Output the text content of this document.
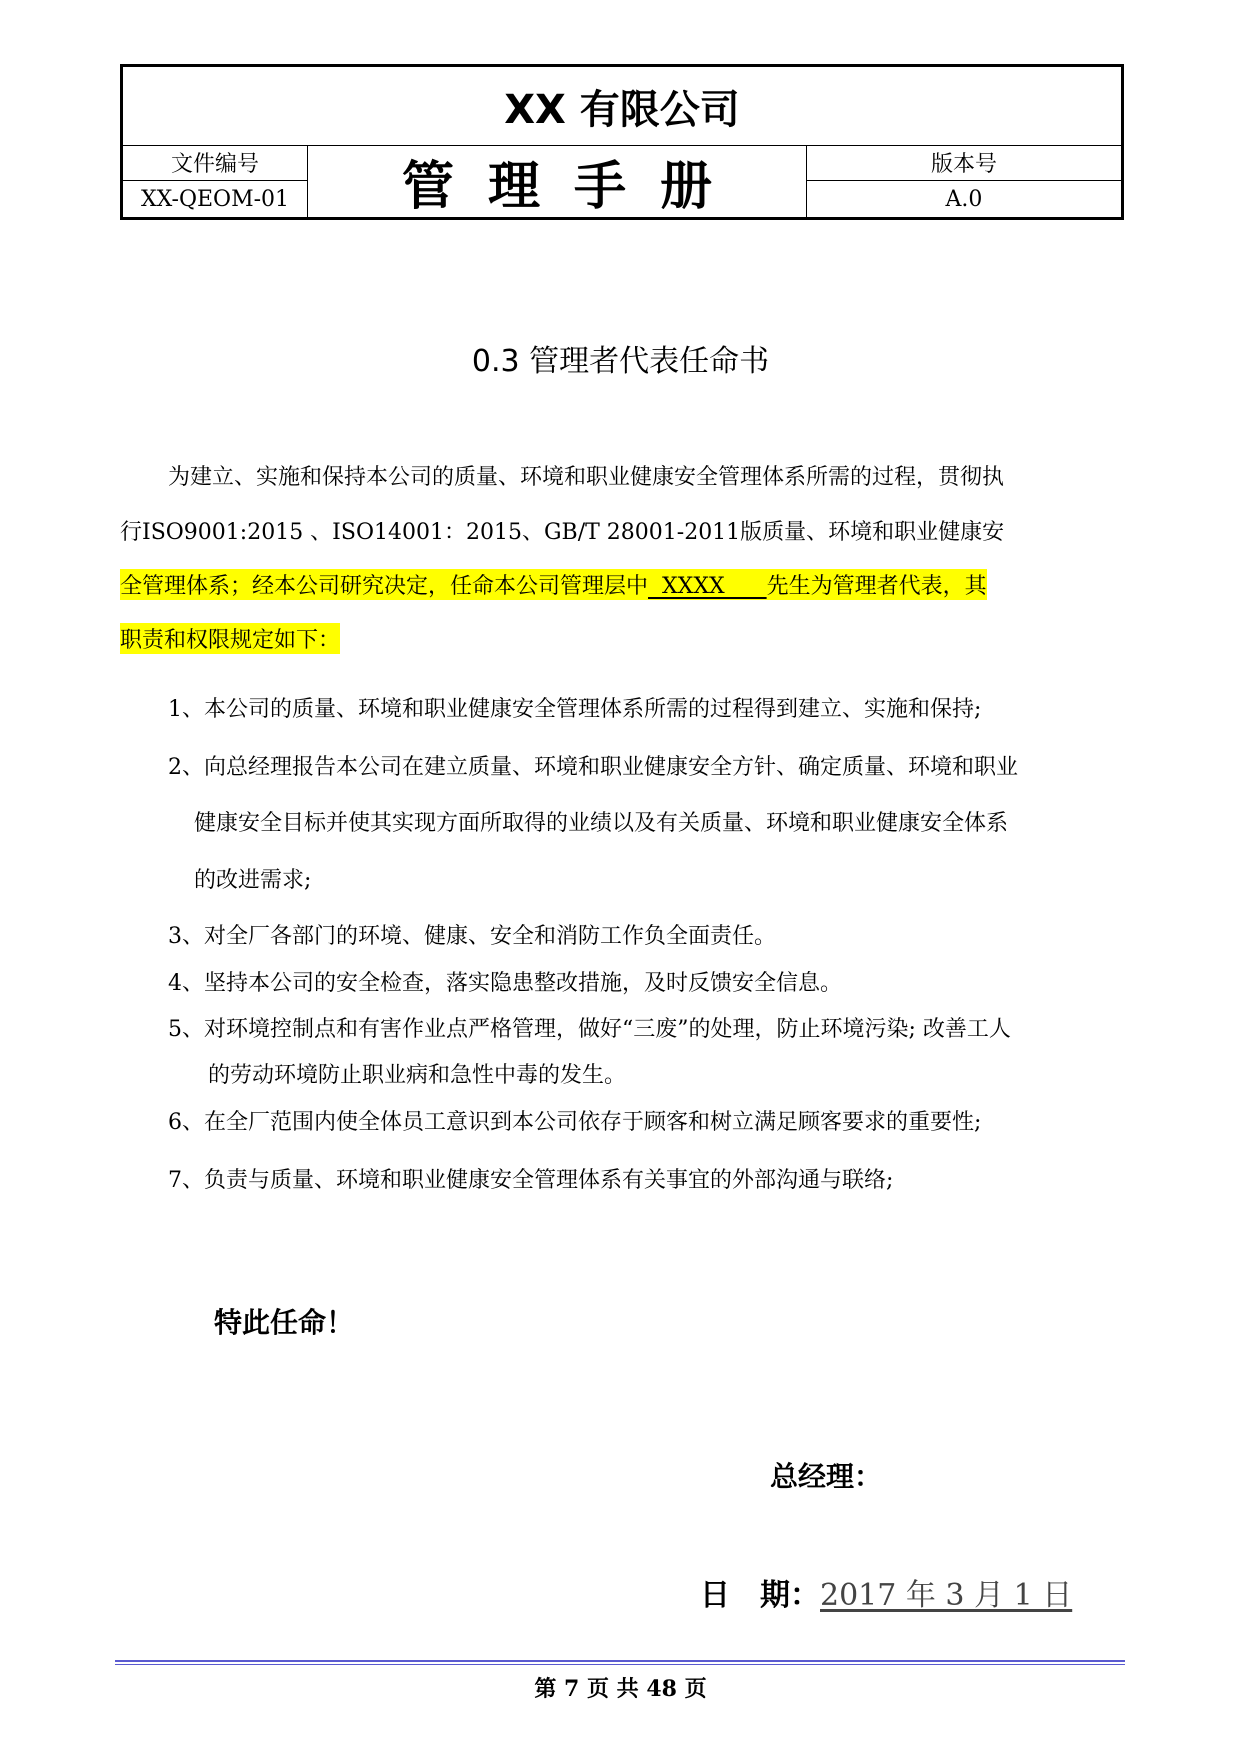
XX 有限公司
文件编号
XX-QEOM-01	管理手册	版本号
A.0
0.3 管理者代表任命书
为建立、实施和保持本公司的质量、环境和职业健康安全管理体系所需的过程，贯彻执
行ISO9001:2015 、ISO14001：2015、GB/T 28001-2011版质量、环境和职业健康安
全管理体系；经本公司研究决定，任命本公司管理层中  XXXX      先生为管理者代表，其
职责和权限规定如下：
1、本公司的质量、环境和职业健康安全管理体系所需的过程得到建立、实施和保持;
2、向总经理报告本公司在建立质量、环境和职业健康安全方针、确定质量、环境和职业
健康安全目标并使其实现方面所取得的业绩以及有关质量、环境和职业健康安全体系
的改进需求;
3、对全厂各部门的环境、健康、安全和消防工作负全面责任。
4、坚持本公司的安全检查，落实隐患整改措施，及时反馈安全信息。
5、对环境控制点和有害作业点严格管理，做好“三废”的处理，防止环境污染; 改善工人
的劳动环境防止职业病和急性中毒的发生。
6、在全厂范围内使全体员工意识到本公司依存于顾客和树立满足顾客要求的重要性;
7、负责与质量、环境和职业健康安全管理体系有关事宜的外部沟通与联络;
特此任命！
总经理：
日　期：2017 年 3 月 1 日
第 7 页 共 48 页
